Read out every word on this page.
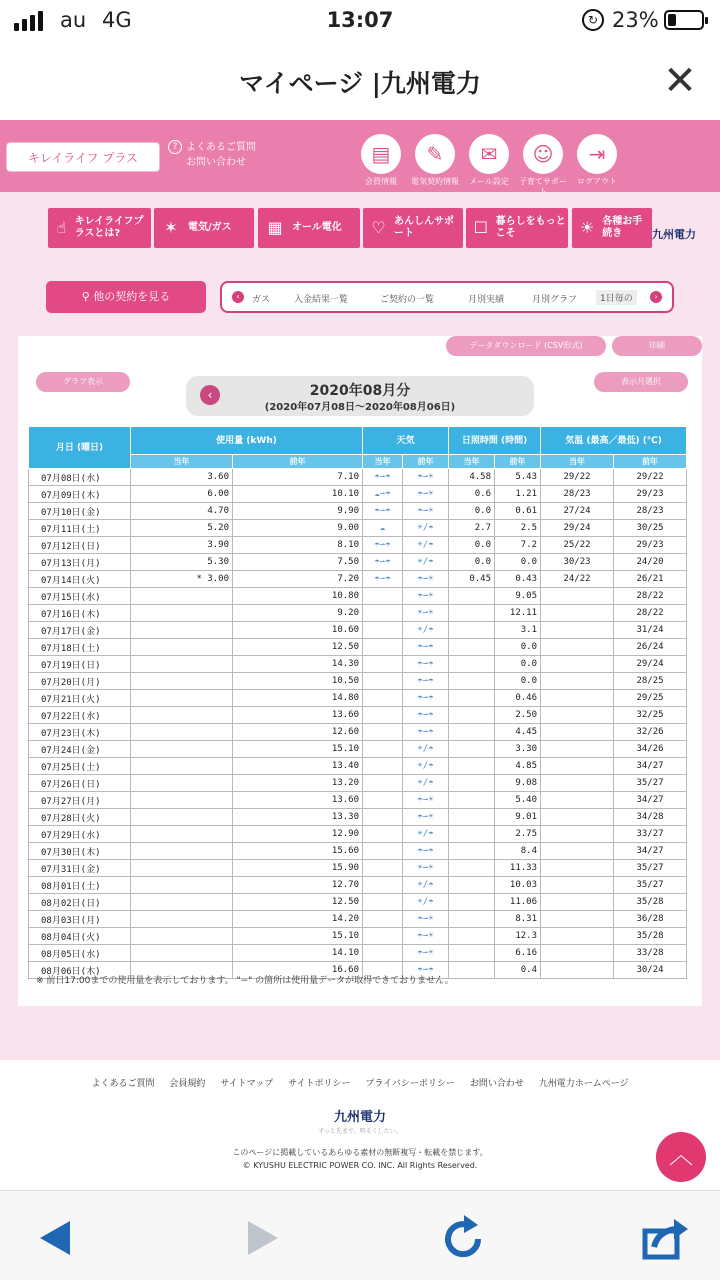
au 4G	13:07	↻ 23%
マイページ |九州電力	✕
キレイライフ プラス
よくあるご質問
お問い合わせ
?	▤
会員情報
✎
電気契約情報
✉
メール設定
☺
子育てサポート
⇥
ログアウト
☝ キレイライフプラスとは?	✶	電気/ガス ▦ オール電化 ♡ あんしんサポート	☐ 暮らしをもっとこそ	☀ 各種お手続き	九州電力
⚲ 他の契約を見る	‹	ガス	入金結果一覧	ご契約の一覧	月別実績	月別グラフ	1日毎の	›
データダウンロード (CSV形式)	印刷
グラフ表示	表示月選択
‹	2020年08月分
(2020年07月08日～2020年08月06日)
月日 (曜日)	使用量 (kWh)		天気		日照時間 (時間)		気温 (最高／最低) (℃)	
	当年	前年	当年	前年	当年	前年	当年	前年
07月08日(水)	3.60	7.10	☂⇀☂	☂⇀☀	4.58	5.43	29/22	29/22
07月09日(木)	6.00	10.10	☁⇀☂	☂⇀☀	0.6	1.21	28/23	29/23
07月10日(金)	4.70	9.90	☂⇀☂	☂⇀☀	0.0	0.61	27/24	28/23
07月11日(土)	5.20	9.00	☁	☀/☂	2.7	2.5	29/24	30/25
07月12日(日)	3.90	8.10	☂⇀☂	☀/☂	0.0	7.2	25/22	29/23
07月13日(月)	5.30	7.50	☂⇀☂	☀/☂	0.0	0.0	30/23	24/20
07月14日(火)	* 3.00	7.20	☂⇀☂	☂⇀☀	0.45	0.43	24/22	26/21
07月15日(水)		10.80		☂⇀☀		9.05		28/22
07月16日(木)		9.20		☀⇀☀		12.11		28/22
07月17日(金)		10.60		☀/☂		3.1		31/24
07月18日(土)		12.50		☂⇀☂		0.0		26/24
07月19日(日)		14.30		☂⇀☂		0.0		29/24
07月20日(月)		10.50		☂⇀☂		0.0		28/25
07月21日(火)		14.80		☂⇀☂		0.46		29/25
07月22日(水)		13.60		☂⇀☂		2.50		32/25
07月23日(木)		12.60		☂⇀☂		4.45		32/26
07月24日(金)		15.10		☀/☂		3.30		34/26
07月25日(土)		13.40		☀/☂		4.85		34/27
07月26日(日)		13.20		☀/☂		9.08		35/27
07月27日(月)		13.60		☂⇀☀		5.40		34/27
07月28日(火)		13.30		☂⇀☀		9.01		34/28
07月29日(水)		12.90		☀/☂		2.75		33/27
07月30日(木)		15.60		☂⇀☂		8.4		34/27
07月31日(金)		15.90		☀⇀☀		11.33		35/27
08月01日(土)		12.70		☀/☂		10.03		35/27
08月02日(日)		12.50		☀/☂		11.06		35/28
08月03日(月)		14.20		☂⇀☀		8.31		36/28
08月04日(火)		15.10		☂⇀☀		12.3		35/28
08月05日(水)		14.10		☂⇀☀		6.16		33/28
08月06日(木)		16.60		☂⇀☂		0.4		30/24
※ 前日17:00までの使用量を表示しております。 "−" の箇所は使用量データが取得できておりません。
よくあるご質問 会員規約 サイトマップ サイトポリシー プライバシーポリシー お問い合わせ 九州電力ホームページ
九州電力
ずっと先まで、明るくしたい。
このページに掲載しているあらゆる素材の無断複写・転載を禁じます。
© KYUSHU ELECTRIC POWER CO. INC. All Rights Reserved.	︿
